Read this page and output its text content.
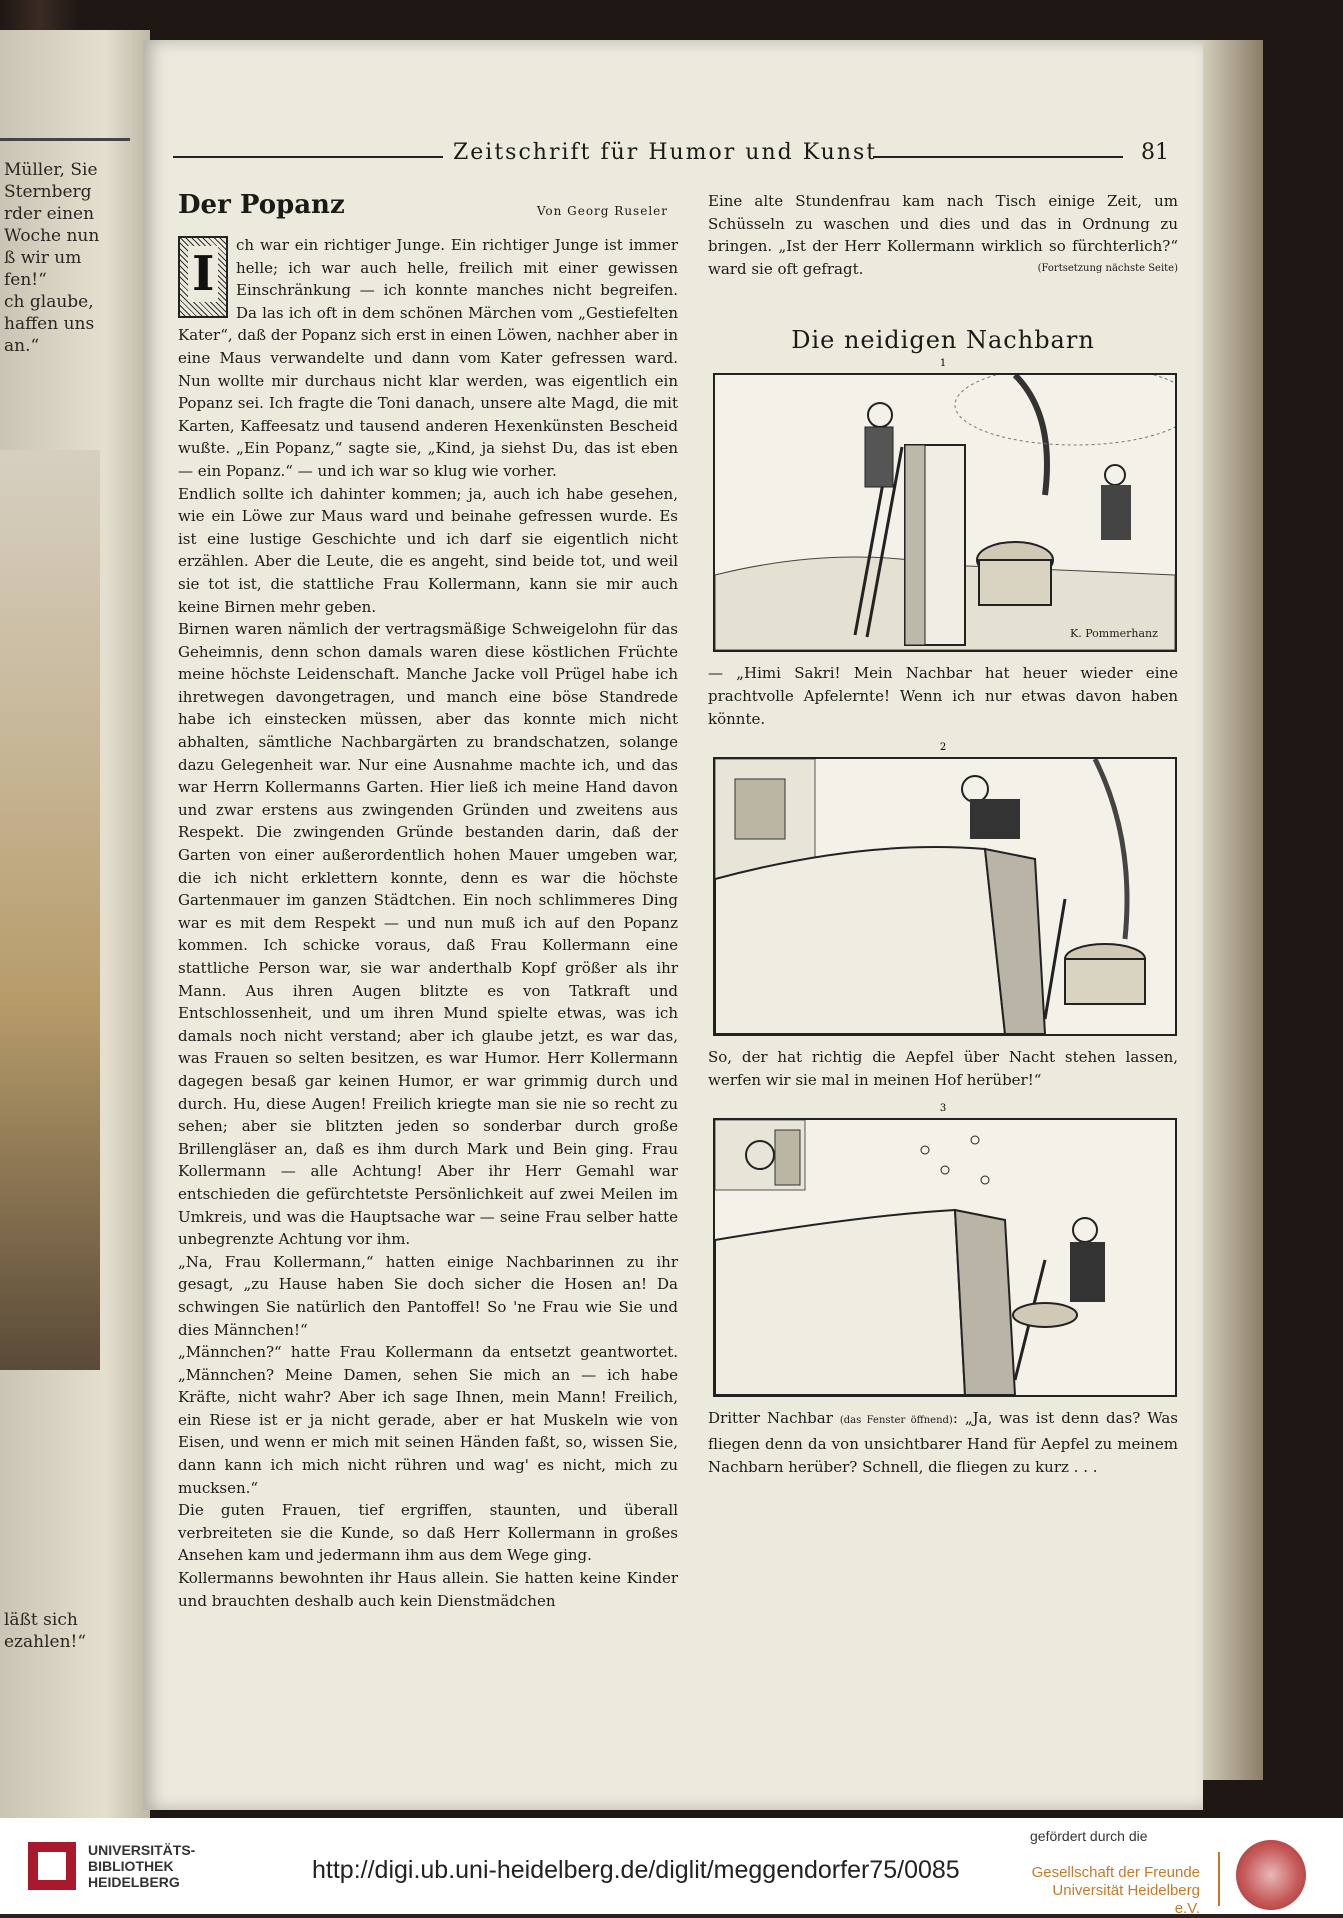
Müller, Sie
Sternberg
rder einen
Woche nun
ß wir um
fen!“
ch glaube,
haffen uns
an.“
läßt sich
ezahlen!“
Zeitschrift für Humor und Kunst	81
Der Popanz	Von Georg Ruseler
I
ch war ein richtiger Junge. Ein richtiger Junge ist immer helle; ich war auch helle, freilich mit einer gewissen Einschränkung — ich konnte manches nicht begreifen. Da las ich oft in dem schönen Märchen vom „Gestiefelten Kater“, daß der Popanz sich erst in einen Löwen, nachher aber in eine Maus verwandelte und dann vom Kater gefressen ward. Nun wollte mir durchaus nicht klar werden, was eigentlich ein Popanz sei. Ich fragte die Toni danach, unsere alte Magd, die mit Karten, Kaffeesatz und tausend anderen Hexenkünsten Bescheid wußte. „Ein Popanz,“ sagte sie, „Kind, ja siehst Du, das ist eben — ein Popanz.“ — und ich war so klug wie vorher.
Endlich sollte ich dahinter kommen; ja, auch ich habe gesehen, wie ein Löwe zur Maus ward und beinahe gefressen wurde. Es ist eine lustige Geschichte und ich darf sie eigentlich nicht erzählen. Aber die Leute, die es angeht, sind beide tot, und weil sie tot ist, die stattliche Frau Kollermann, kann sie mir auch keine Birnen mehr geben.
Birnen waren nämlich der vertragsmäßige Schweigelohn für das Geheimnis, denn schon damals waren diese köstlichen Früchte meine höchste Leidenschaft. Manche Jacke voll Prügel habe ich ihretwegen davongetragen, und manch eine böse Standrede habe ich einstecken müssen, aber das konnte mich nicht abhalten, sämtliche Nachbargärten zu brandschatzen, solange dazu Gelegenheit war. Nur eine Ausnahme machte ich, und das war Herrn Kollermanns Garten. Hier ließ ich meine Hand davon und zwar erstens aus zwingenden Gründen und zweitens aus Respekt. Die zwingenden Gründe bestanden darin, daß der Garten von einer außerordentlich hohen Mauer umgeben war, die ich nicht erklettern konnte, denn es war die höchste Gartenmauer im ganzen Städtchen. Ein noch schlimmeres Ding war es mit dem Respekt — und nun muß ich auf den Popanz kommen. Ich schicke voraus, daß Frau Kollermann eine stattliche Person war, sie war anderthalb Kopf größer als ihr Mann. Aus ihren Augen blitzte es von Tatkraft und Entschlossenheit, und um ihren Mund spielte etwas, was ich damals noch nicht verstand; aber ich glaube jetzt, es war das, was Frauen so selten besitzen, es war Humor. Herr Kollermann dagegen besaß gar keinen Humor, er war grimmig durch und durch. Hu, diese Augen! Freilich kriegte man sie nie so recht zu sehen; aber sie blitzten jeden so sonderbar durch große Brillengläser an, daß es ihm durch Mark und Bein ging. Frau Kollermann — alle Achtung! Aber ihr Herr Gemahl war entschieden die gefürchtetste Persönlichkeit auf zwei Meilen im Umkreis, und was die Hauptsache war — seine Frau selber hatte unbegrenzte Achtung vor ihm.
„Na, Frau Kollermann,“ hatten einige Nachbarinnen zu ihr gesagt, „zu Hause haben Sie doch sicher die Hosen an! Da schwingen Sie natürlich den Pantoffel! So 'ne Frau wie Sie und dies Männchen!“
„Männchen?“ hatte Frau Kollermann da entsetzt geantwortet. „Männchen? Meine Damen, sehen Sie mich an — ich habe Kräfte, nicht wahr? Aber ich sage Ihnen, mein Mann! Freilich, ein Riese ist er ja nicht gerade, aber er hat Muskeln wie von Eisen, und wenn er mich mit seinen Händen faßt, so, wissen Sie, dann kann ich mich nicht rühren und wag' es nicht, mich zu mucksen.“
Die guten Frauen, tief ergriffen, staunten, und überall verbreiteten sie die Kunde, so daß Herr Kollermann in großes Ansehen kam und jedermann ihm aus dem Wege ging.
Kollermanns bewohnten ihr Haus allein. Sie hatten keine Kinder und brauchten deshalb auch kein Dienstmädchen
Eine alte Stundenfrau kam nach Tisch einige Zeit, um Schüsseln zu waschen und dies und das in Ordnung zu bringen. „Ist der Herr Kollermann wirklich so fürchterlich?“ ward sie oft gefragt.	(Fortsetzung nächste Seite)
Die neidigen Nachbarn
1
K. Pommerhanz
— „Himi Sakri! Mein Nachbar hat heuer wieder eine prachtvolle Apfelernte! Wenn ich nur etwas davon haben könnte.
2
So, der hat richtig die Aepfel über Nacht stehen lassen, werfen wir sie mal in meinen Hof herüber!“
3
Dritter Nachbar (das Fenster öffnend): „Ja, was ist denn das? Was fliegen denn da von unsichtbarer Hand für Aepfel zu meinem Nachbarn herüber? Schnell, die fliegen zu kurz . . .
UNIVERSITÄTS-
BIBLIOTHEK
HEIDELBERG	http://digi.ub.uni-heidelberg.de/diglit/meggendorfer75/0085
gefördert durch die
Gesellschaft der Freunde
Universität Heidelberg e.V.
